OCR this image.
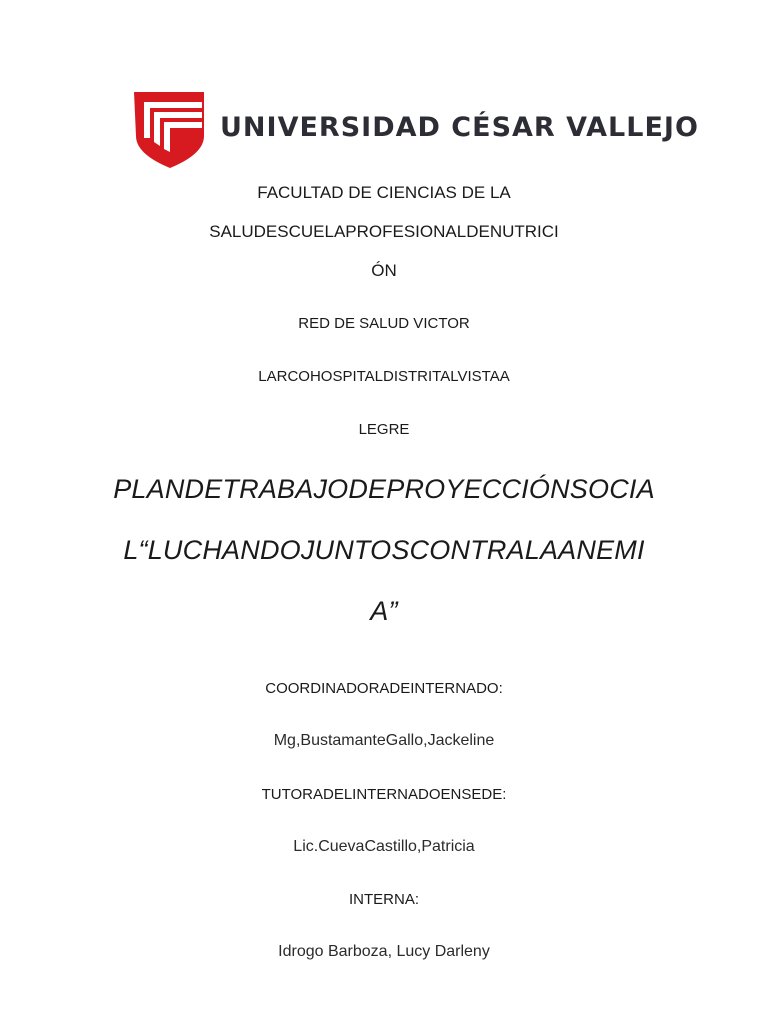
UNIVERSIDAD CÉSAR VALLEJO
FACULTAD DE CIENCIAS DE LA
SALUDESCUELAPROFESIONALDENUTRICI
ÓN
RED DE SALUD VICTOR
LARCOHOSPITALDISTRITALVISTAA
LEGRE
PLANDETRABAJODEPROYECCIÓNSOCIA
L“LUCHANDOJUNTOSCONTRALAANEMI
A”
COORDINADORADEINTERNADO:
Mg,BustamanteGallo,Jackeline
TUTORADELINTERNADOENSEDE:
Lic.CuevaCastillo,Patricia
INTERNA:
Idrogo Barboza, Lucy Darleny
